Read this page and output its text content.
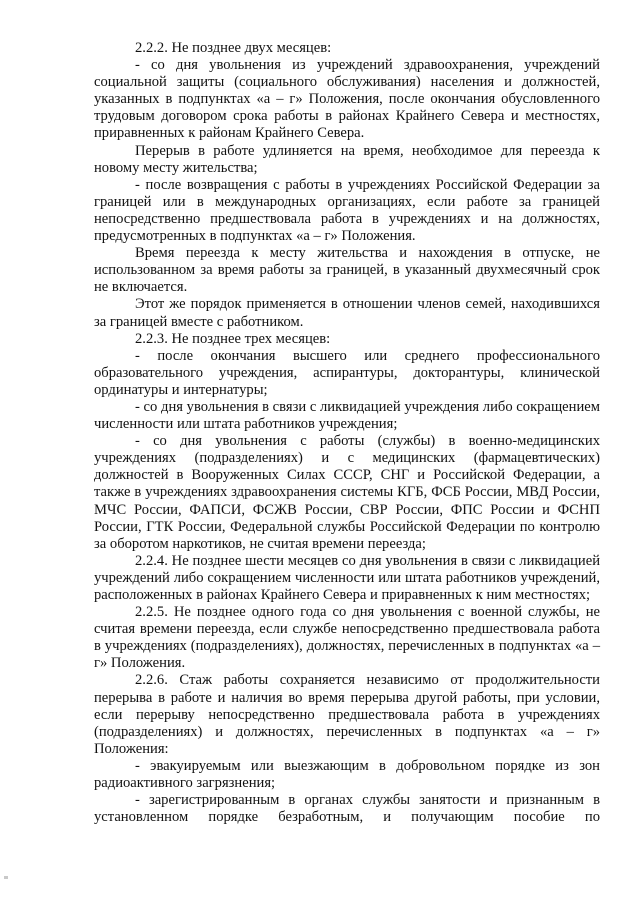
2.2.2. Не позднее двух месяцев:

- со дня увольнения из учреждений здравоохранения, учреждений социальной защиты (социального обслуживания) населения и должностей, указанных в подпунктах «а – г» Положения, после окончания обусловленного трудовым договором срока работы в районах Крайнего Севера и местностях, приравненных к районам Крайнего Севера.

Перерыв в работе удлиняется на время, необходимое для переезда к новому месту жительства;

- после возвращения с работы в учреждениях Российской Федерации за границей или в международных организациях, если работе за границей непосредственно предшествовала работа в учреждениях и на должностях, предусмотренных в подпунктах «а – г» Положения.

Время переезда к месту жительства и нахождения в отпуске, не использованном за время работы за границей, в указанный двухмесячный срок не включается.

Этот же порядок применяется в отношении членов семей, находившихся за границей вместе с работником.

2.2.3. Не позднее трех месяцев:

- после окончания высшего или среднего профессионального образовательного учреждения, аспирантуры, докторантуры, клинической ординатуры и интернатуры;

- со дня увольнения в связи с ликвидацией учреждения либо сокращением численности или штата работников учреждения;

- со дня увольнения с работы (службы) в военно-медицинских учреждениях (подразделениях) и с медицинских (фармацевтических) должностей в Вооруженных Силах СССР, СНГ и Российской Федерации, а также в учреждениях здравоохранения системы КГБ, ФСБ России, МВД России, МЧС России, ФАПСИ, ФСЖВ России, СВР России, ФПС России и ФСНП России, ГТК России, Федеральной службы Российской Федерации по контролю за оборотом наркотиков, не считая времени переезда;

2.2.4. Не позднее шести месяцев со дня увольнения в связи с ликвидацией учреждений либо сокращением численности или штата работников учреждений, расположенных в районах Крайнего Севера и приравненных к ним местностях;

2.2.5. Не позднее одного года со дня увольнения с военной службы, не считая времени переезда, если службе непосредственно предшествовала работа в учреждениях (подразделениях), должностях, перечисленных в подпунктах «а – г» Положения.

2.2.6. Стаж работы сохраняется независимо от продолжительности перерыва в работе и наличия во время перерыва другой работы, при условии, если перерыву непосредственно предшествовала работа в учреждениях (подразделениях) и должностях, перечисленных в подпунктах «а – г» Положения:

- эвакуируемым или выезжающим в добровольном порядке из зон радиоактивного загрязнения;

- зарегистрированным в органах службы занятости и признанным в установленном порядке безработным, и получающим пособие по
